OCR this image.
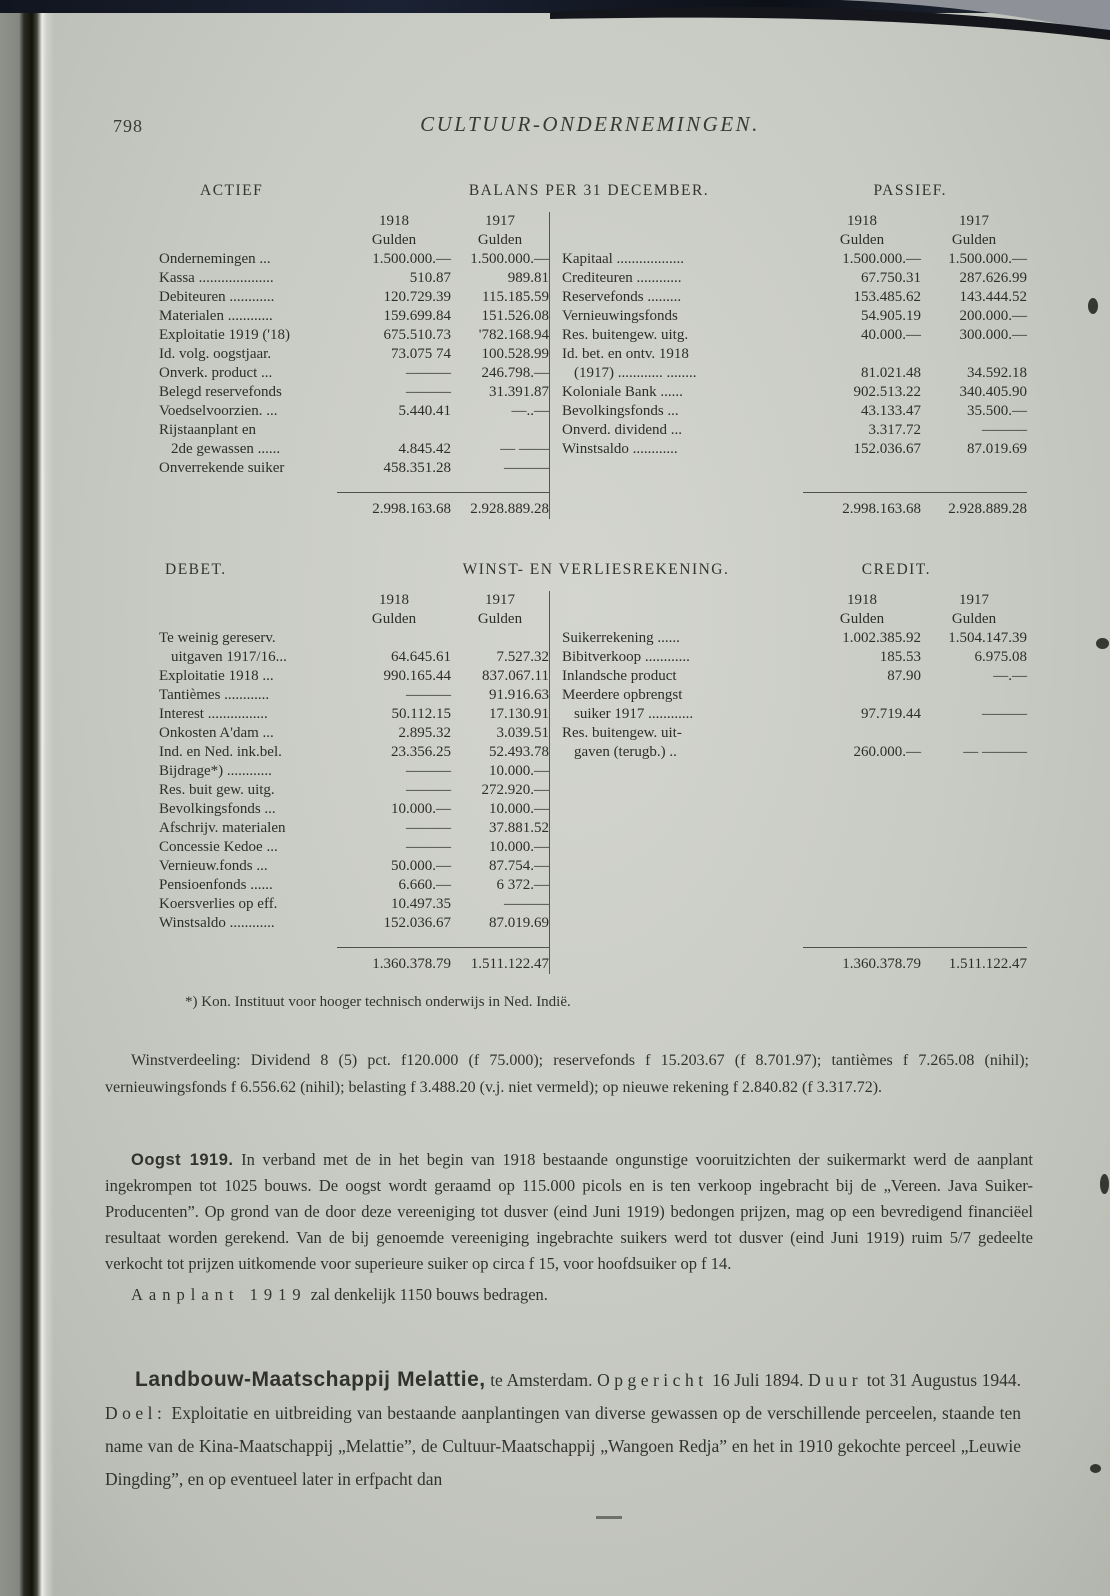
798	CULTUUR-ONDERNEMINGEN.
ACTIEF	BALANS PER 31 DECEMBER.	PASSIEF.
1918	1917
Gulden	Gulden
Ondernemingen ...	1.500.000.—	1.500.000.—
Kassa ....................	510.87	989.81
Debiteuren ............	120.729.39	115.185.59
Materialen ............	159.699.84	151.526.08
Exploitatie 1919 ('18)	675.510.73	'782.168.94
Id. volg. oogstjaar.	73.075 74	100.528.99
Onverk. product ...	———	246.798.—
Belegd reservefonds	———	31.391.87
Voedselvoorzien. ...	5.440.41	—..—
Rijstaanplant en
2de gewassen ......	4.845.42	— ——
Onverrekende suiker	458.351.28	———
2.998.163.68	2.928.889.28
1918	1917
Gulden	Gulden
Kapitaal ..................	1.500.000.—	1.500.000.—
Crediteuren ............	67.750.31	287.626.99
Reservefonds .........	153.485.62	143.444.52
Vernieuwingsfonds	54.905.19	200.000.—
Res. buitengew. uitg.	40.000.—	300.000.—
Id. bet. en ontv. 1918
(1917) ............ ........	81.021.48	34.592.18
Koloniale Bank ......	902.513.22	340.405.90
Bevolkingsfonds ...	43.133.47	35.500.—
Onverd. dividend ...	3.317.72	———
Winstsaldo ............	152.036.67	87.019.69
2.998.163.68	2.928.889.28
DEBET.	WINST- EN VERLIESREKENING.	CREDIT.
1918	1917
Gulden	Gulden
Te weinig gereserv.
uitgaven 1917/16...	64.645.61	7.527.32
Exploitatie 1918 ...	990.165.44	837.067.11
Tantièmes ............	———	91.916.63
Interest ................	50.112.15	17.130.91
Onkosten A'dam ...	2.895.32	3.039.51
Ind. en Ned. ink.bel.	23.356.25	52.493.78
Bijdrage*) ............	———	10.000.—
Res. buit gew. uitg.	———	272.920.—
Bevolkingsfonds ...	10.000.—	10.000.—
Afschrijv. materialen	———	37.881.52
Concessie Kedoe ...	———	10.000.—
Vernieuw.fonds ...	50.000.—	87.754.—
Pensioenfonds ......	6.660.—	6 372.—
Koersverlies op eff.	10.497.35	———
Winstsaldo ............	152.036.67	87.019.69
1.360.378.79	1.511.122.47
1918	1917
Gulden	Gulden
Suikerrekening ......	1.002.385.92	1.504.147.39
Bibitverkoop ............	185.53	6.975.08
Inlandsche product	87.90	—.—
Meerdere opbrengst
suiker 1917 ............	97.719.44	———
Res. buitengew. uit-
gaven (terugb.) ..	260.000.—	— ———
1.360.378.79	1.511.122.47

*) Kon. Instituut voor hooger technisch onderwijs in Ned. Indië.

Winstverdeeling: Dividend 8 (5) pct. f120.000 (f 75.000); reservefonds f 15.203.67 (f 8.701.97); tantièmes f 7.265.08 (nihil); vernieuwingsfonds f 6.556.62 (nihil); belasting f 3.488.20 (v.j. niet vermeld); op nieuwe rekening f 2.840.82 (f 3.317.72).

Oogst 1919. In verband met de in het begin van 1918 bestaande ongunstige vooruitzichten der suikermarkt werd de aanplant ingekrompen tot 1025 bouws. De oogst wordt geraamd op 115.000 picols en is ten verkoop ingebracht bij de „Vereen. Java Suiker-Producenten”. Op grond van de door deze vereeniging tot dusver (eind Juni 1919) bedongen prijzen, mag op een bevredigend financiëel resultaat worden gerekend. Van de bij genoemde vereeniging ingebrachte suikers werd tot dusver (eind Juni 1919) ruim 5/7 gedeelte verkocht tot prijzen uitkomende voor superieure suiker op circa f 15, voor hoofdsuiker op f 14.

Aanplant 1919 zal denkelijk 1150 bouws bedragen.

Landbouw-Maatschappij Melattie, te Amsterdam. Opgericht 16 Juli 1894. Duur tot 31 Augustus 1944. Doel: Exploitatie en uitbreiding van bestaande aanplantingen van diverse gewassen op de verschillende perceelen, staande ten name van de Kina-Maatschappij „Melattie”, de Cultuur-Maatschappij „Wangoen Redja” en het in 1910 gekochte perceel „Leuwie Dingding”, en op eventueel later in erfpacht dan
